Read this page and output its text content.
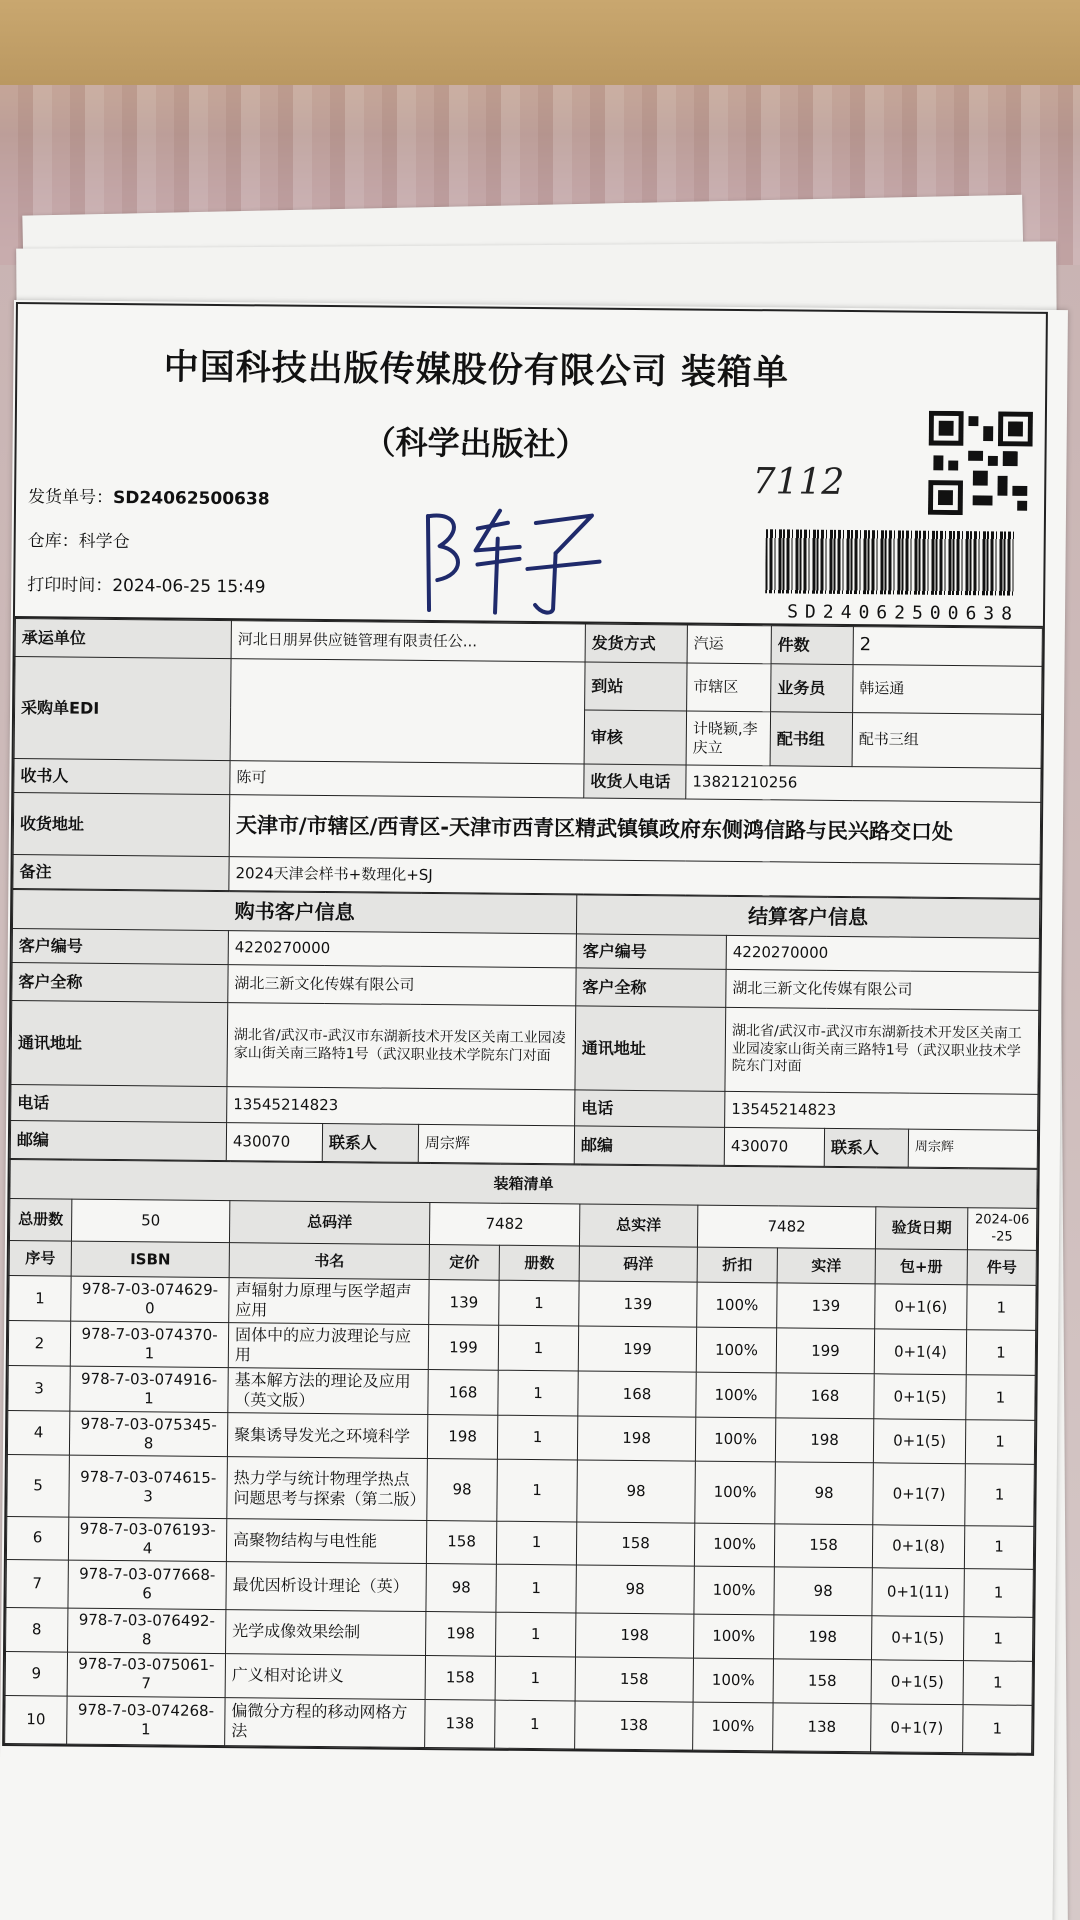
中国科技出版传媒股份有限公司 装箱单
（科学出版社）
发货单号：SD24062500638
仓库：科学仓
打印时间：2024-06-25 15:49
7112
SD24062500638
承运单位	河北日朋昇供应链管理有限责任公...	发货方式	汽运	件数	2
采购单EDI		到站	市辖区	业务员	韩运通
		审核	计晓颖,李庆立	配书组	配书三组
收书人	陈可	收货人电话	13821210256		
收货地址	天津市/市辖区/西青区-天津市西青区精武镇镇政府东侧鸿信路与民兴路交口处				
备注	2024天津会样书+数理化+SJ				
购书客户信息				结算客户信息			
客户编号	4220270000			客户编号	4220270000		
客户全称	湖北三新文化传媒有限公司			客户全称	湖北三新文化传媒有限公司		
通讯地址	湖北省/武汉市-武汉市东湖新技术开发区关南工业园凌家山街关南三路特1号（武汉职业技术学院东门对面			通讯地址	湖北省/武汉市-武汉市东湖新技术开发区关南工业园凌家山街关南三路特1号（武汉职业技术学院东门对面		
电话	13545214823			电话	13545214823		
邮编	430070	联系人	周宗辉	邮编	430070	联系人	周宗辉
装箱清单									
总册数	50	总码洋	7482		总实洋	7482		验货日期	2024-06-25
序号	ISBN	书名	定价	册数	码洋	折扣	实洋	包+册	件号
1	978-7-03-074629-0	声辐射力原理与医学超声应用	139	1	139	100%	139	0+1(6)	1
2	978-7-03-074370-1	固体中的应力波理论与应用	199	1	199	100%	199	0+1(4)	1
3	978-7-03-074916-1	基本解方法的理论及应用（英文版）	168	1	168	100%	168	0+1(5)	1
4	978-7-03-075345-8	聚集诱导发光之环境科学	198	1	198	100%	198	0+1(5)	1
5	978-7-03-074615-3	热力学与统计物理学热点问题思考与探索（第二版）	98	1	98	100%	98	0+1(7)	1
6	978-7-03-076193-4	高聚物结构与电性能	158	1	158	100%	158	0+1(8)	1
7	978-7-03-077668-6	最优因析设计理论（英）	98	1	98	100%	98	0+1(11)	1
8	978-7-03-076492-8	光学成像效果绘制	198	1	198	100%	198	0+1(5)	1
9	978-7-03-075061-7	广义相对论讲义	158	1	158	100%	158	0+1(5)	1
10	978-7-03-074268-1	偏微分方程的移动网格方法	138	1	138	100%	138	0+1(7)	1
